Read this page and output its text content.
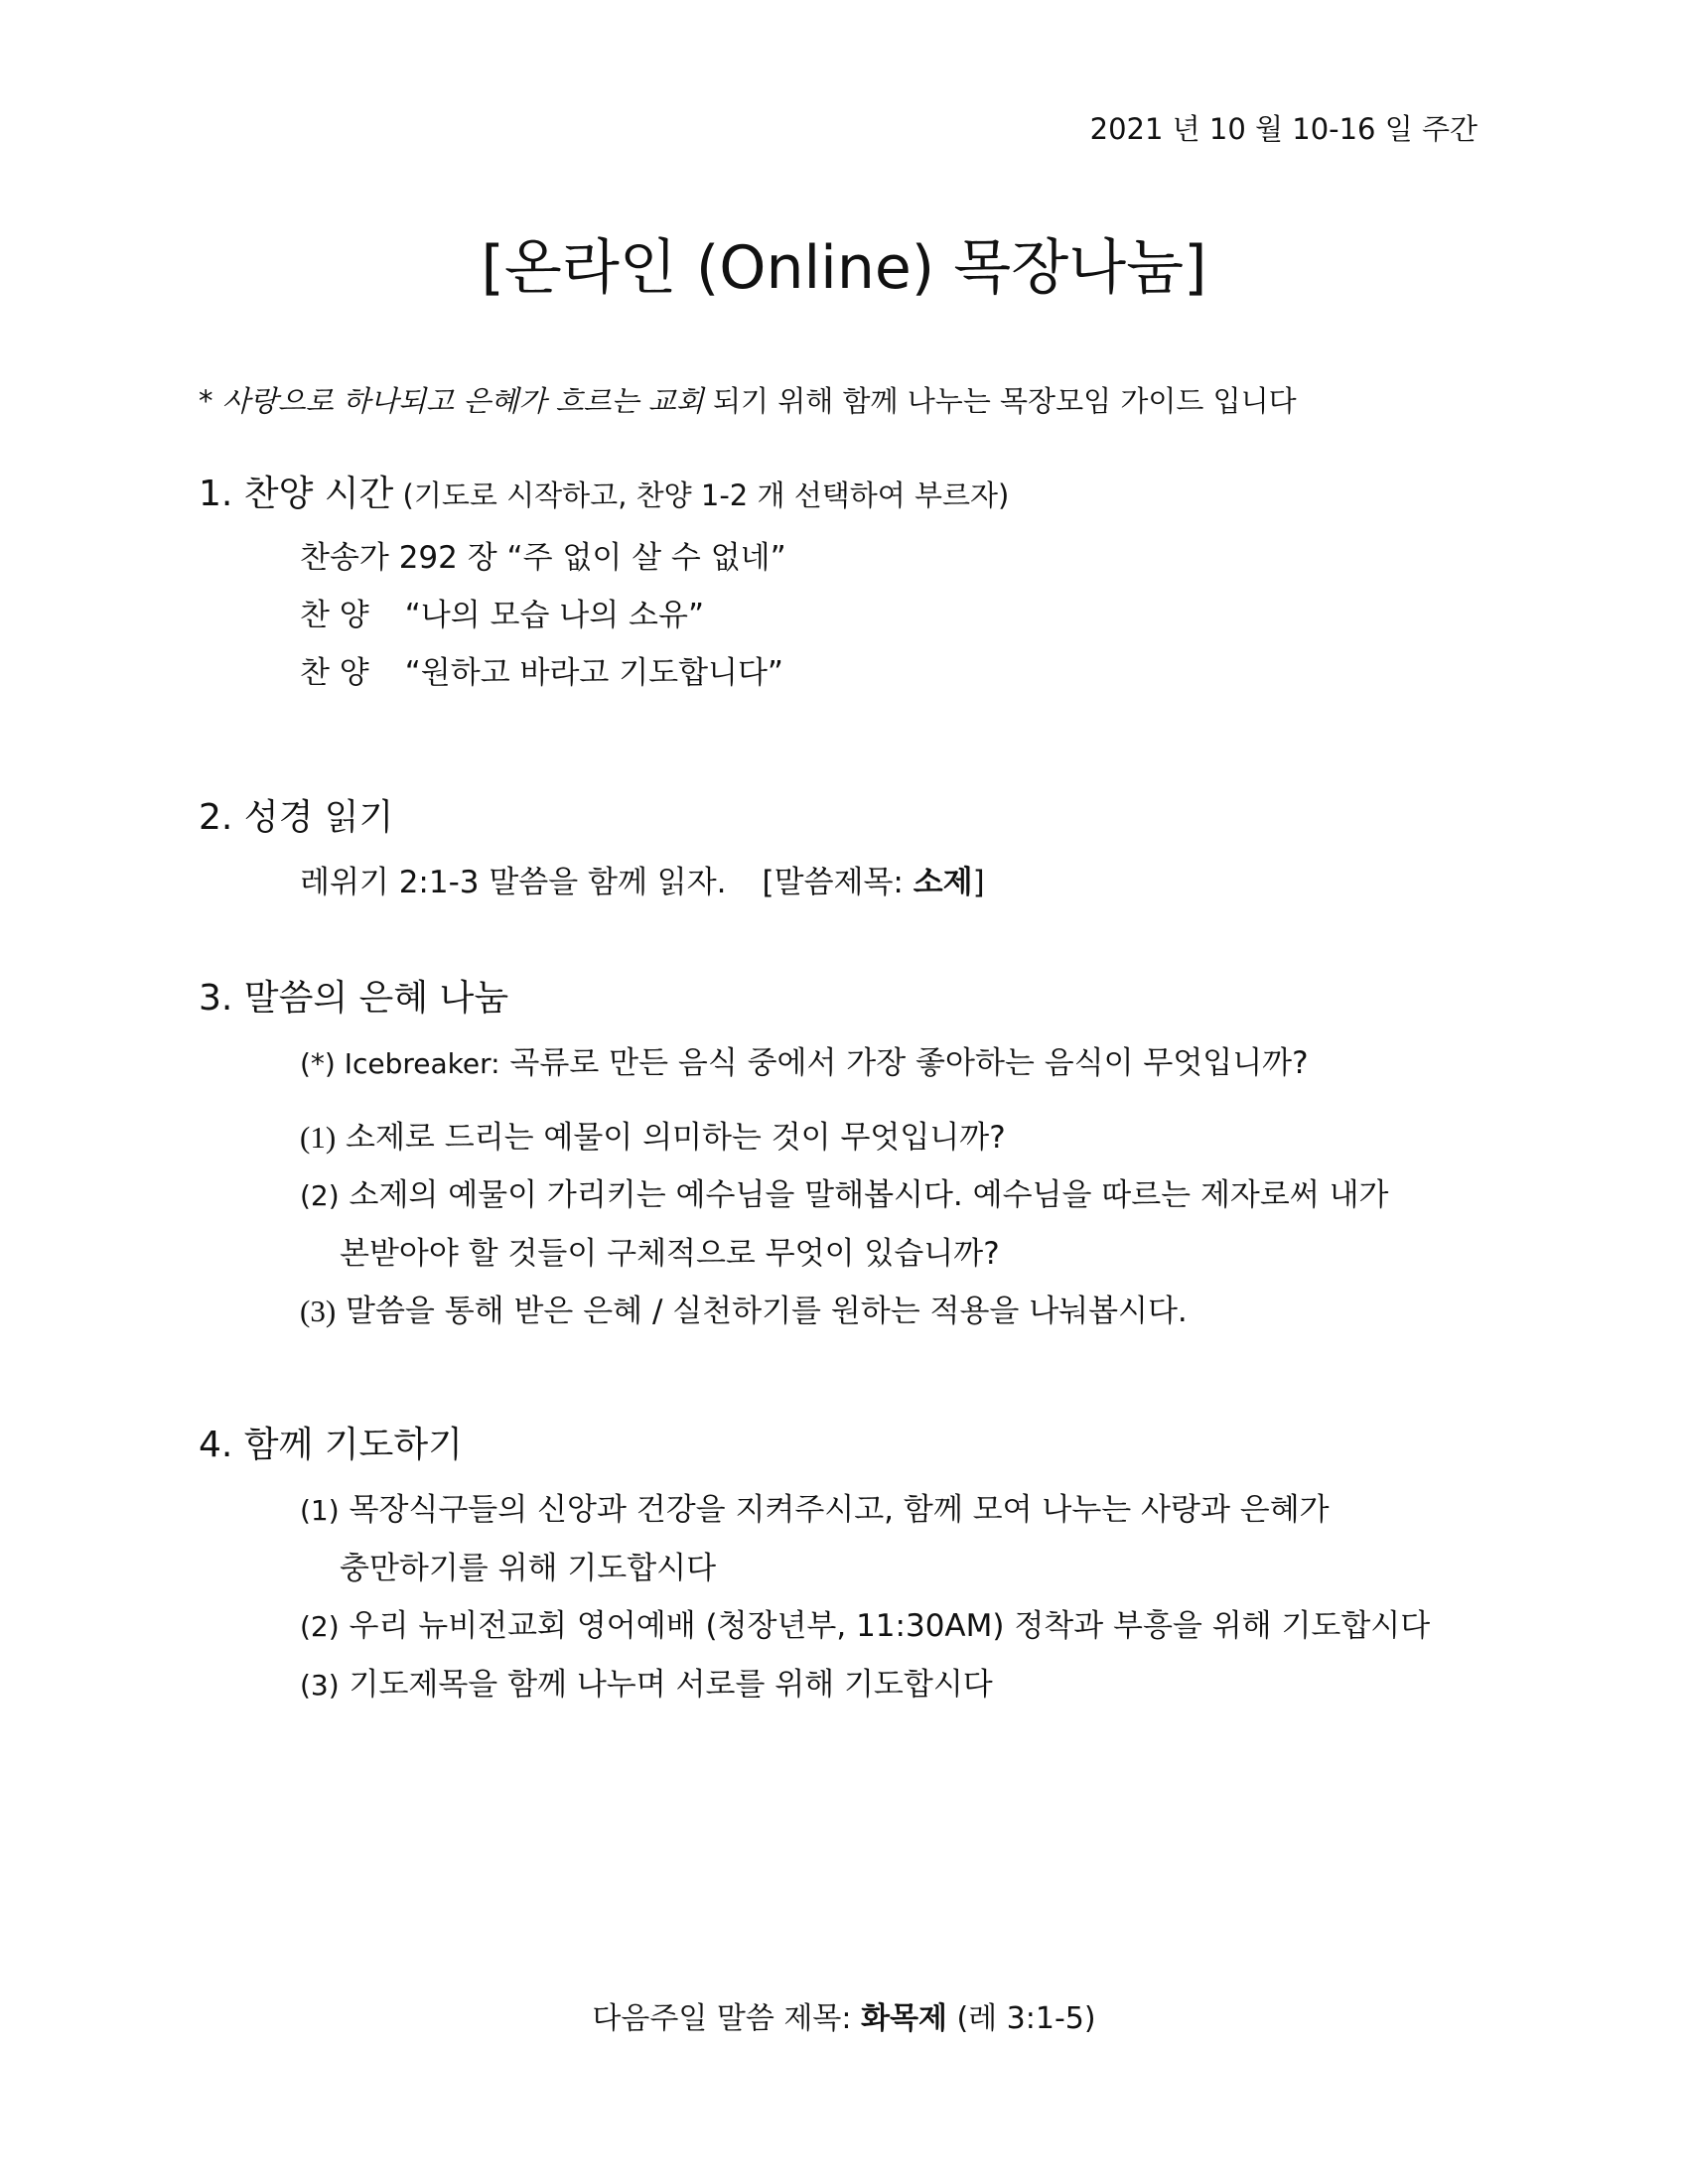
2021 년 10 월 10-16 일 주간
[온라인 (Online) 목장나눔]
* 사랑으로 하나되고 은혜가 흐르는 교회 되기 위해 함께 나누는 목장모임 가이드 입니다
1. 찬양 시간 (기도로 시작하고, 찬양 1-2 개 선택하여 부르자)
찬송가 292 장 “주 없이 살 수 없네”
찬 양 “나의 모습 나의 소유”
찬 양 “원하고 바라고 기도합니다”
2. 성경 읽기
레위기 2:1-3 말씀을 함께 읽자. [말씀제목: 소제]
3. 말씀의 은혜 나눔
(*) Icebreaker: 곡류로 만든 음식 중에서 가장 좋아하는 음식이 무엇입니까?
(1) 소제로 드리는 예물이 의미하는 것이 무엇입니까?
(2) 소제의 예물이 가리키는 예수님을 말해봅시다. 예수님을 따르는 제자로써 내가
본받아야 할 것들이 구체적으로 무엇이 있습니까?
(3) 말씀을 통해 받은 은혜 / 실천하기를 원하는 적용을 나눠봅시다.
4. 함께 기도하기
(1) 목장식구들의 신앙과 건강을 지켜주시고, 함께 모여 나누는 사랑과 은혜가
충만하기를 위해 기도합시다
(2) 우리 뉴비전교회 영어예배 (청장년부, 11:30AM) 정착과 부흥을 위해 기도합시다
(3) 기도제목을 함께 나누며 서로를 위해 기도합시다
다음주일 말씀 제목: 화목제 (레 3:1-5)
